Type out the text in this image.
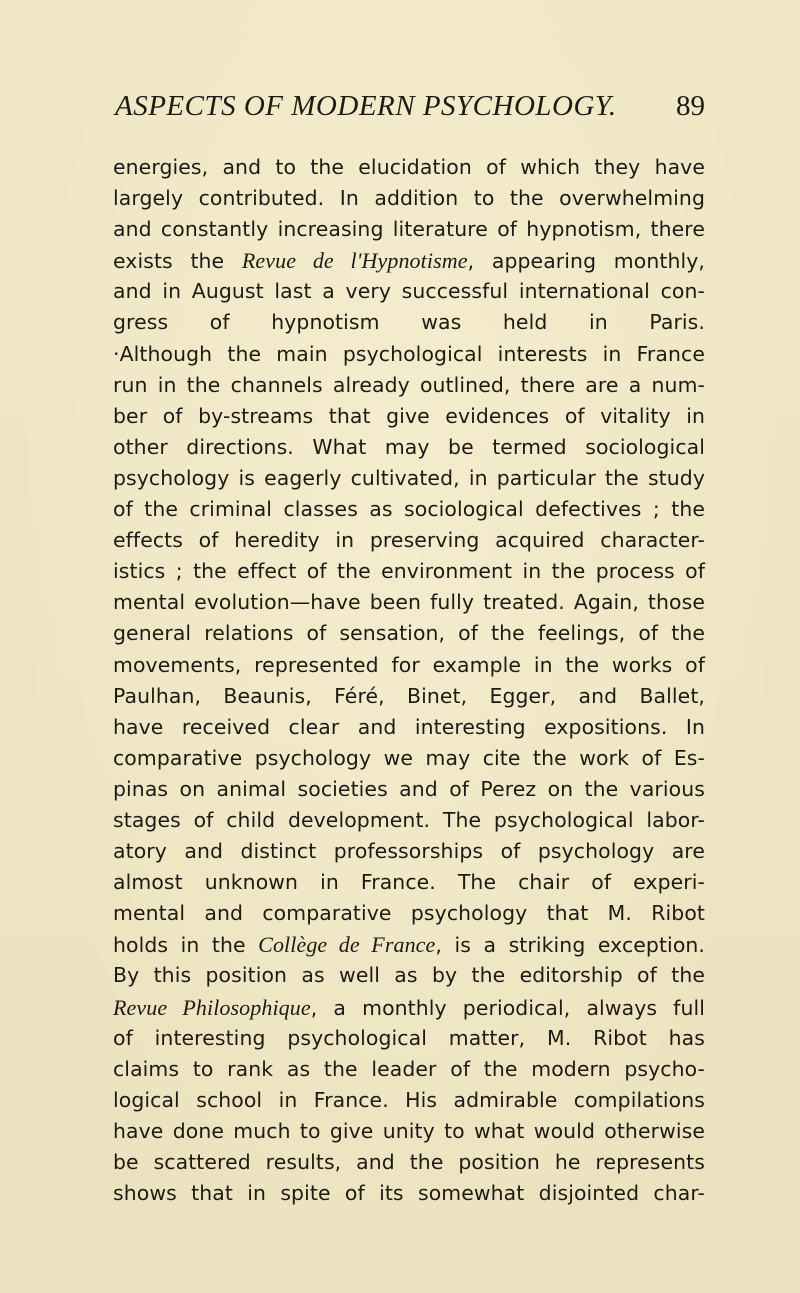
ASPECTS OF MODERN PSYCHOLOGY. 89
energies, and to the elucidation of which they have
largely contributed. In addition to the overwhelming
and constantly increasing literature of hypnotism, there
exists the Revue de l'Hypnotisme, appearing monthly,
and in August last a very successful international con-
gress of hypnotism was held in Paris.
·Although the main psychological interests in France
run in the channels already outlined, there are a num-
ber of by-streams that give evidences of vitality in
other directions. What may be termed sociological
psychology is eagerly cultivated, in particular the study
of the criminal classes as sociological defectives ; the
effects of heredity in preserving acquired character-
istics ; the effect of the environment in the process of
mental evolution—have been fully treated. Again, those
general relations of sensation, of the feelings, of the
movements, represented for example in the works of
Paulhan, Beaunis, Féré, Binet, Egger, and Ballet,
have received clear and interesting expositions. In
comparative psychology we may cite the work of Es-
pinas on animal societies and of Perez on the various
stages of child development. The psychological labor-
atory and distinct professorships of psychology are
almost unknown in France. The chair of experi-
mental and comparative psychology that M. Ribot
holds in the Collège de France, is a striking exception.
By this position as well as by the editorship of the
Revue Philosophique, a monthly periodical, always full
of interesting psychological matter, M. Ribot has
claims to rank as the leader of the modern psycho-
logical school in France. His admirable compilations
have done much to give unity to what would otherwise
be scattered results, and the position he represents
shows that in spite of its somewhat disjointed char-
